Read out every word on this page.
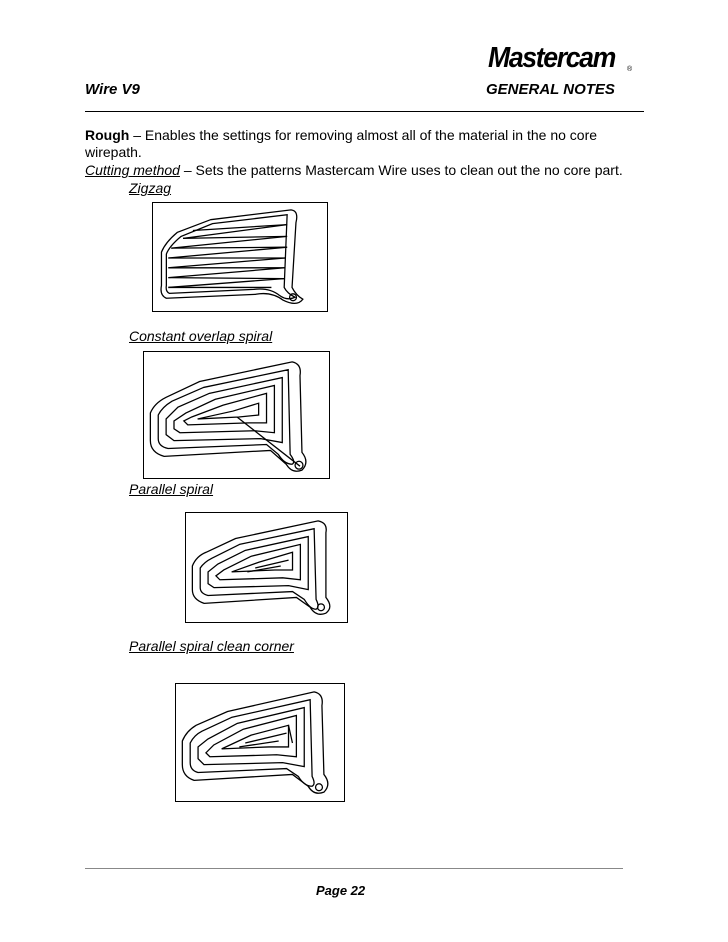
Mastercam ®
Wire V9	GENERAL NOTES
Rough – Enables the settings for removing almost all of the material in the no core wirepath.
Cutting method – Sets the patterns Mastercam Wire uses to clean out the no core part.
Zigzag
Constant overlap spiral
Parallel spiral
Parallel spiral clean corner
Page 22
